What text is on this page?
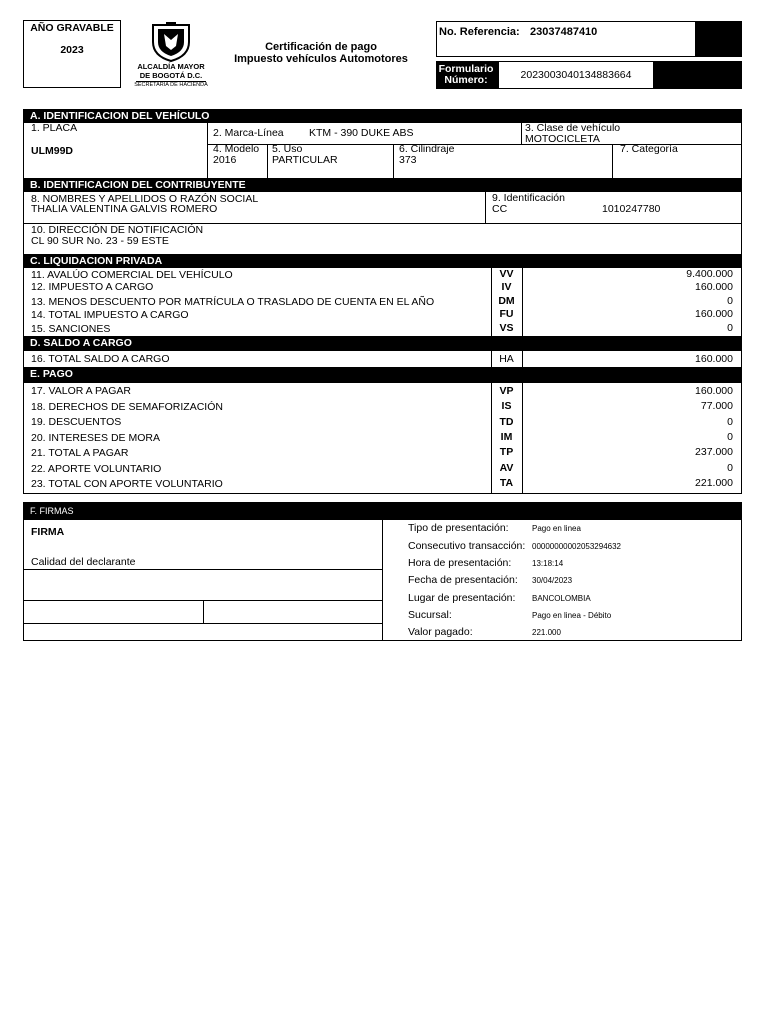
AÑO GRAVABLE
2023
ALCALDÍA MAYOR
DE BOGOTÁ D.C.
SECRETARÍA DE HACIENDA
Certificación de pago
Impuesto vehículos Automotores
No. Referencia: 23037487410
Formulario
Número:	2023003040134883664
A. IDENTIFICACION DEL VEHÍCULO
1. PLACA
ULM99D
2. Marca-Línea KTM - 390 DUKE ABS	3. Clase de vehículo
MOTOCICLETA
4. Modelo
2016
5. Uso
PARTICULAR
6. Cilindraje
373
7. Categoría
B. IDENTIFICACION DEL CONTRIBUYENTE
8. NOMBRES Y APELLIDOS O RAZÓN SOCIAL
THALIA VALENTINA GALVIS ROMERO
9. Identificación
CC	1010247780
10. DIRECCIÓN DE NOTIFICACIÓN
CL 90 SUR No. 23 - 59 ESTE
C. LIQUIDACION PRIVADA
11. AVALÚO COMERCIAL DEL VEHÍCULO	VV	9.400.000
12. IMPUESTO A CARGO	IV	160.000
13. MENOS DESCUENTO POR MATRÍCULA O TRASLADO DE CUENTA EN EL AÑO	DM	0
14. TOTAL IMPUESTO A CARGO	FU	160.000
15. SANCIONES	VS	0
D. SALDO A CARGO
16. TOTAL SALDO A CARGO	HA	160.000
E. PAGO
17. VALOR A PAGAR	VP	160.000
18. DERECHOS DE SEMAFORIZACIÓN	IS	77.000
19. DESCUENTOS	TD	0
20. INTERESES DE MORA	IM	0
21. TOTAL A PAGAR	TP	237.000
22. APORTE VOLUNTARIO	AV	0
23. TOTAL CON APORTE VOLUNTARIO	TA	221.000
F. FIRMAS
FIRMA
Calidad del declarante
Tipo de presentación:	Pago en linea
Consecutivo transacción: 00000000002053294632
Hora de presentación:	13:18:14
Fecha de presentación: 30/04/2023
Lugar de presentación: BANCOLOMBIA
Sucursal:	Pago en linea - Débito
Valor pagado:	221.000
